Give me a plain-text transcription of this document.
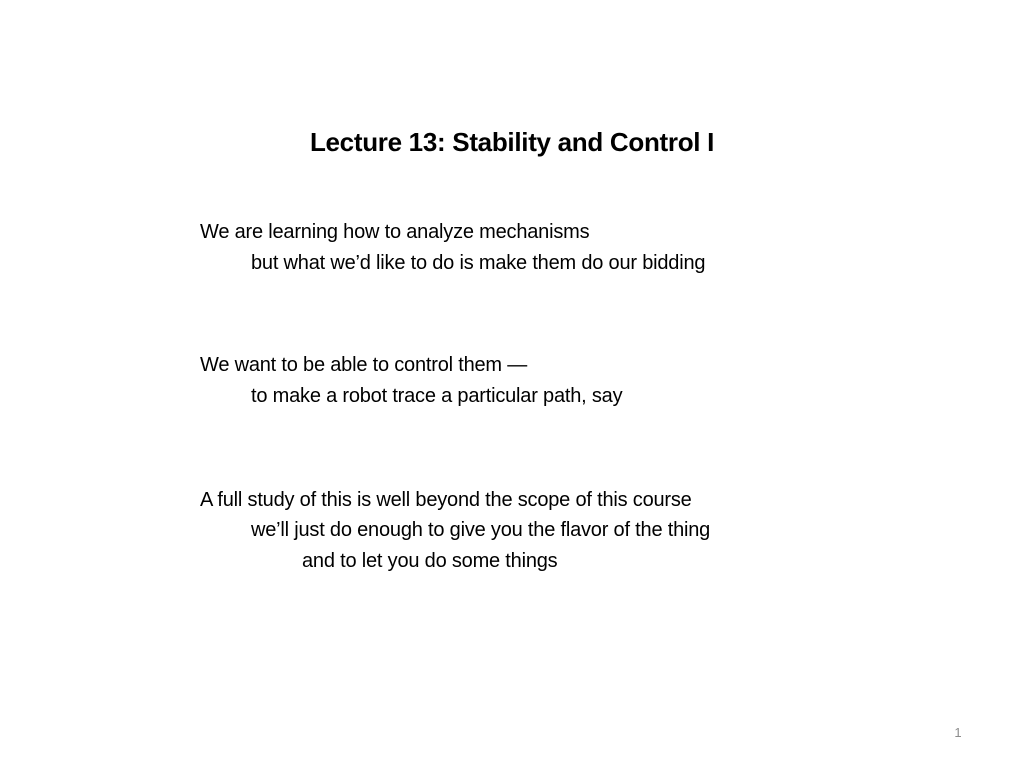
Lecture 13: Stability and Control I
We are learning how to analyze mechanisms
but what we’d like to do is make them do our bidding
We want to be able to control them —
to make a robot trace a particular path, say
A full study of this is well beyond the scope of this course
we’ll just do enough to give you the flavor of the thing
and to let you do some things
1
